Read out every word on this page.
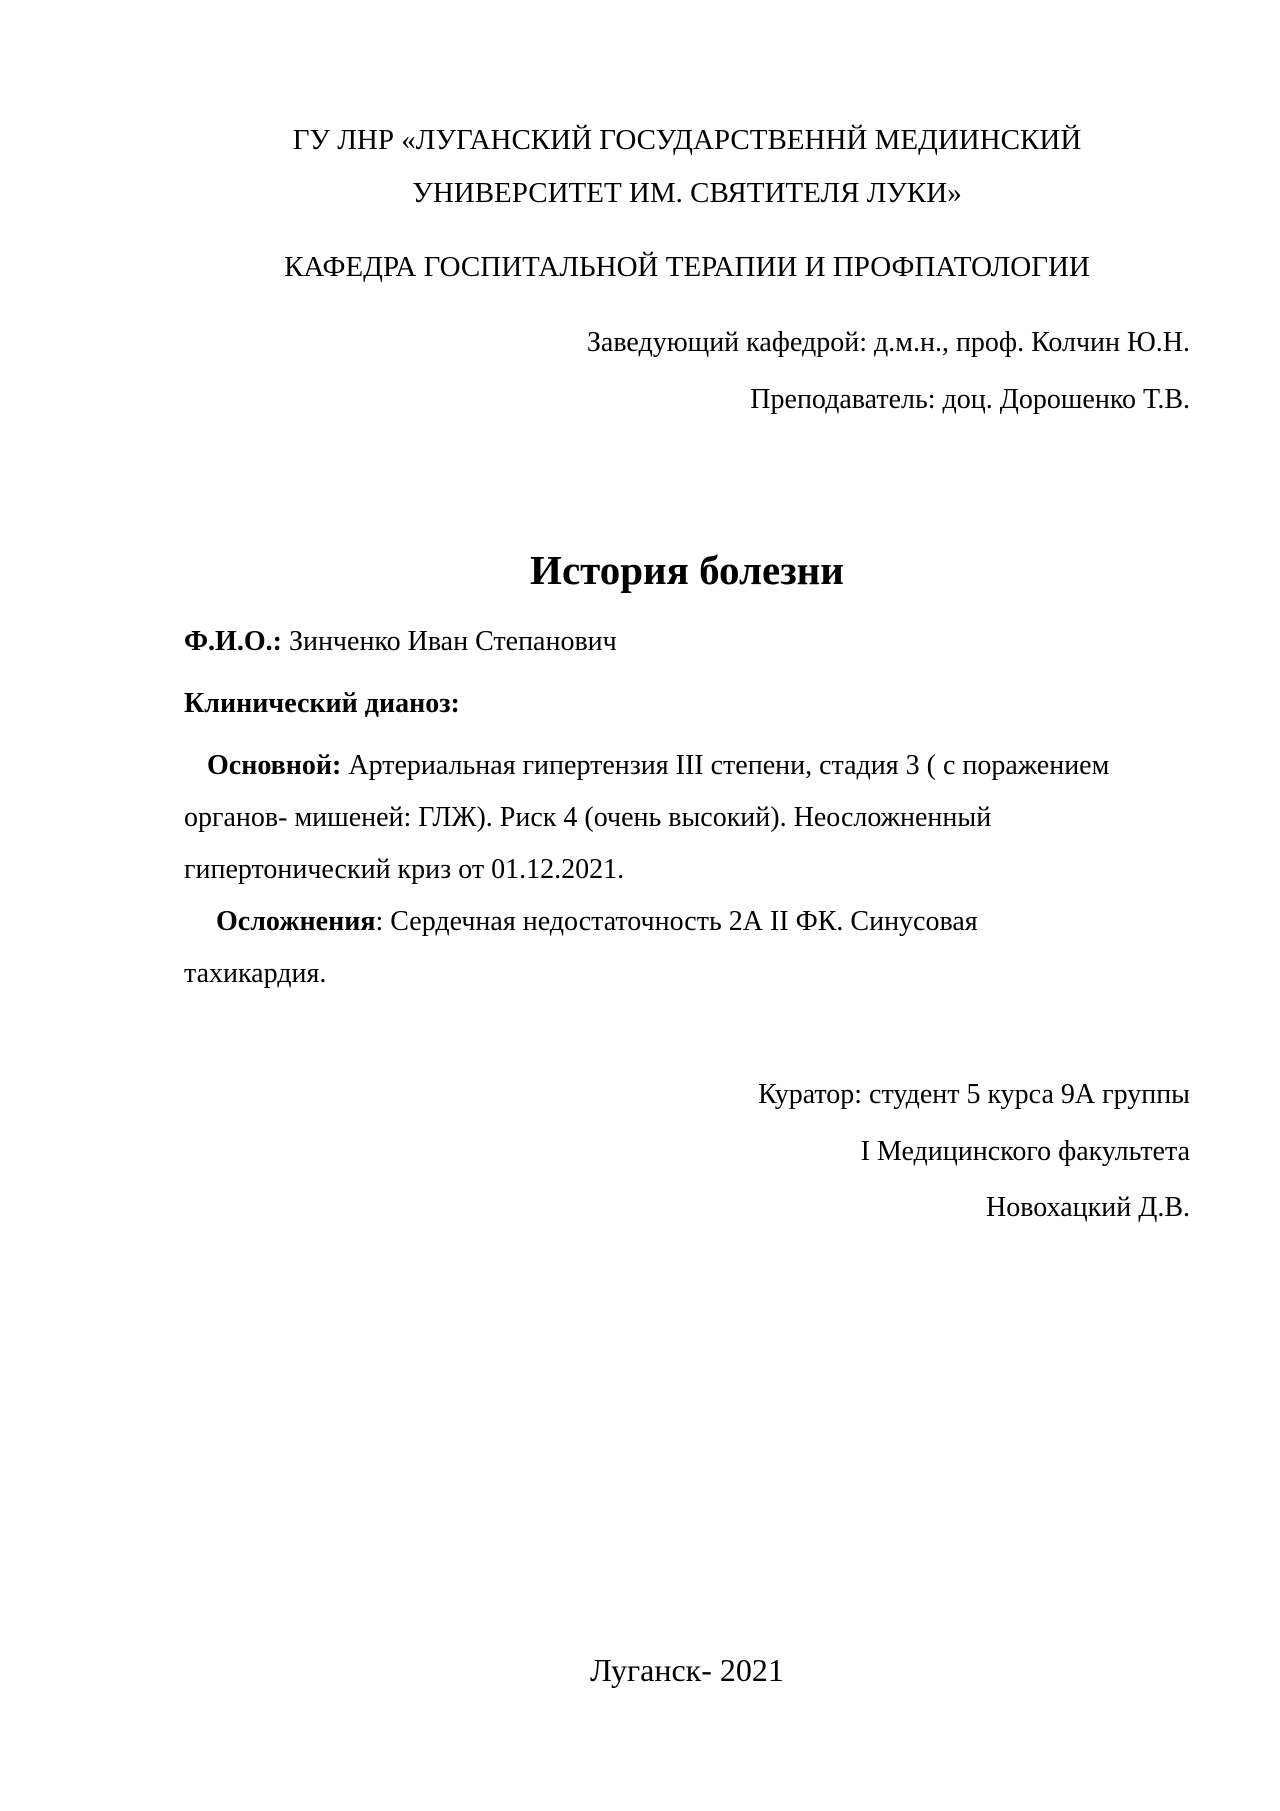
ГУ ЛНР «ЛУГАНСКИЙ ГОСУДАРСТВЕННЙ МЕДИИНСКИЙ
УНИВЕРСИТЕТ ИМ. СВЯТИТЕЛЯ ЛУКИ»
КАФЕДРА ГОСПИТАЛЬНОЙ ТЕРАПИИ И ПРОФПАТОЛОГИИ
Заведующий кафедрой: д.м.н., проф. Колчин Ю.Н.
Преподаватель: доц. Дорошенко Т.В.
История болезни
Ф.И.О.: Зинченко Иван Степанович
Клинический дианоз:
Основной: Артериальная гипертензия III степени, стадия 3 ( с поражением
органов- мишеней: ГЛЖ). Риск 4 (очень высокий). Неосложненный
гипертонический криз от 01.12.2021.
Осложнения: Сердечная недостаточность 2А II ФК. Синусовая
тахикардия.
Куратор: студент 5 курса 9А группы
I Медицинского факультета
Новохацкий Д.В.
Луганск- 2021
